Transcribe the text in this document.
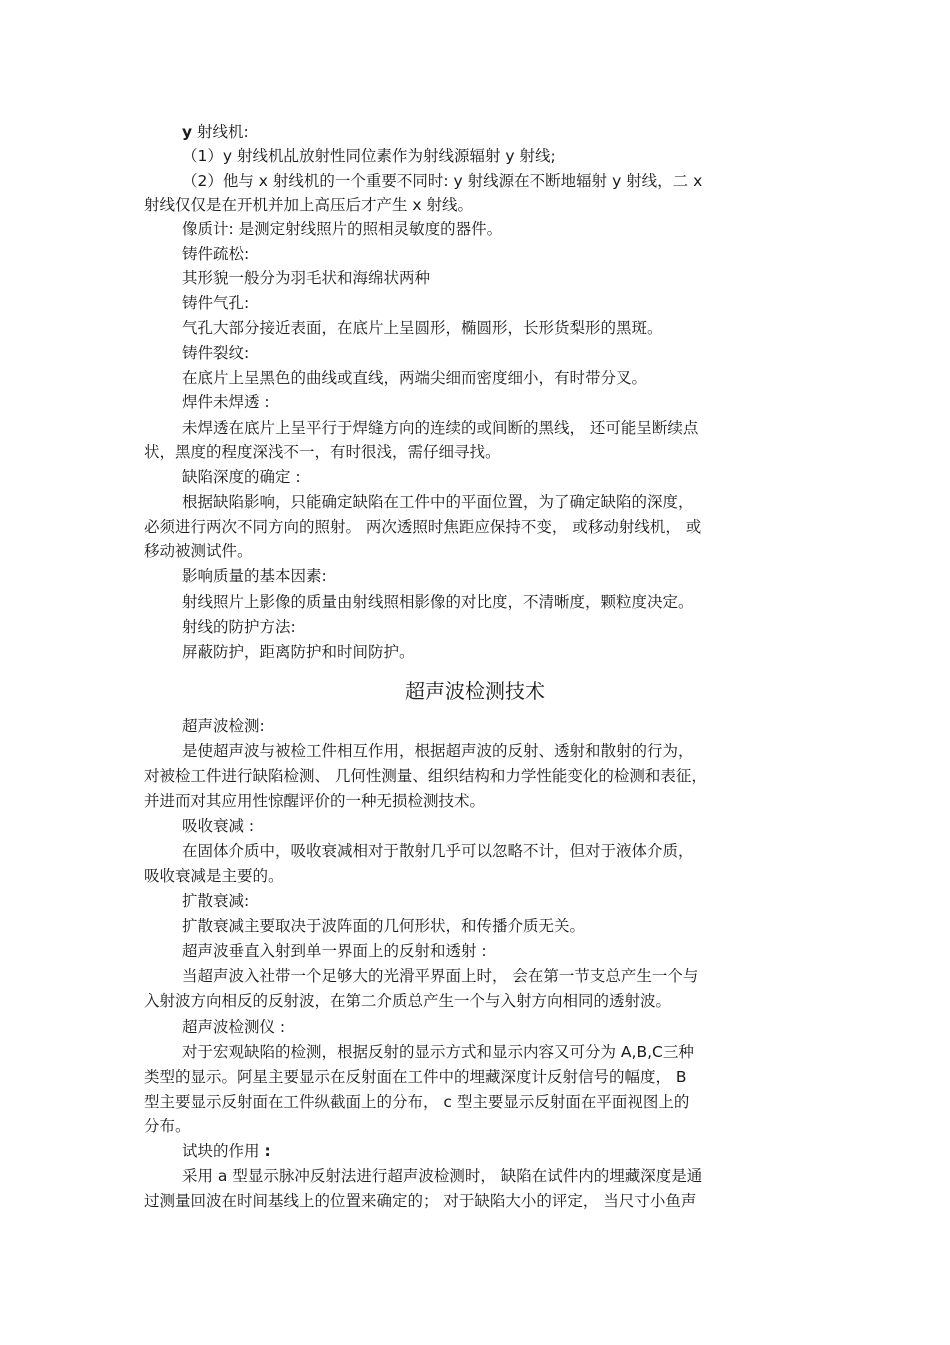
超声波检测技术
y 射线机:
（1）y 射线机乩放射性同位素作为射线源辐射 y 射线;
（2）他与 x 射线机的一个重要不同时: y 射线源在不断地辐射 y 射线，二 x
射线仅仅是在开机并加上高压后才产生 x 射线。
像质计: 是测定射线照片的照相灵敏度的器件。
铸件疏松:
其形貌一般分为羽毛状和海绵状两种
铸件气孔:
气孔大部分接近表面，在底片上呈圆形，椭圆形，长形货梨形的黑斑。
铸件裂纹:
在底片上呈黑色的曲线或直线，两端尖细而密度细小，有时带分叉。
焊件未焊透 :
未焊透在底片上呈平行于焊缝方向的连续的或间断的黑线， 还可能呈断续点
状，黑度的程度深浅不一，有时很浅，需仔细寻找。
缺陷深度的确定 :
根据缺陷影响，只能确定缺陷在工件中的平面位置，为了确定缺陷的深度，
必须进行两次不同方向的照射。 两次透照时焦距应保持不变， 或移动射线机， 或
移动被测试件。
影响质量的基本因素:
射线照片上影像的质量由射线照相影像的对比度，不清晰度，颗粒度决定。
射线的防护方法:
屏蔽防护，距离防护和时间防护。
超声波检测:
是使超声波与被检工件相互作用，根据超声波的反射、透射和散射的行为，
对被检工件进行缺陷检测、 几何性测量、组织结构和力学性能变化的检测和表征，
并进而对其应用性惊醒评价的一种无损检测技术。
吸收衰减 :
在固体介质中，吸收衰减相对于散射几乎可以忽略不计，但对于液体介质，
吸收衰减是主要的。
扩散衰减:
扩散衰减主要取决于波阵面的几何形状，和传播介质无关。
超声波垂直入射到单一界面上的反射和透射 :
当超声波入社带一个足够大的光滑平界面上时， 会在第一节支总产生一个与
入射波方向相反的反射波，在第二介质总产生一个与入射方向相同的透射波。
超声波检测仪 :
对于宏观缺陷的检测，根据反射的显示方式和显示内容又可分为 A,B,C三种
类型的显示。阿星主要显示在反射面在工件中的埋藏深度计反射信号的幅度， B
型主要显示反射面在工件纵截面上的分布， c 型主要显示反射面在平面视图上的
分布。
试块的作用 :
采用 a 型显示脉冲反射法进行超声波检测时， 缺陷在试件内的埋藏深度是通
过测量回波在时间基线上的位置来确定的； 对于缺陷大小的评定， 当尺寸小鱼声
